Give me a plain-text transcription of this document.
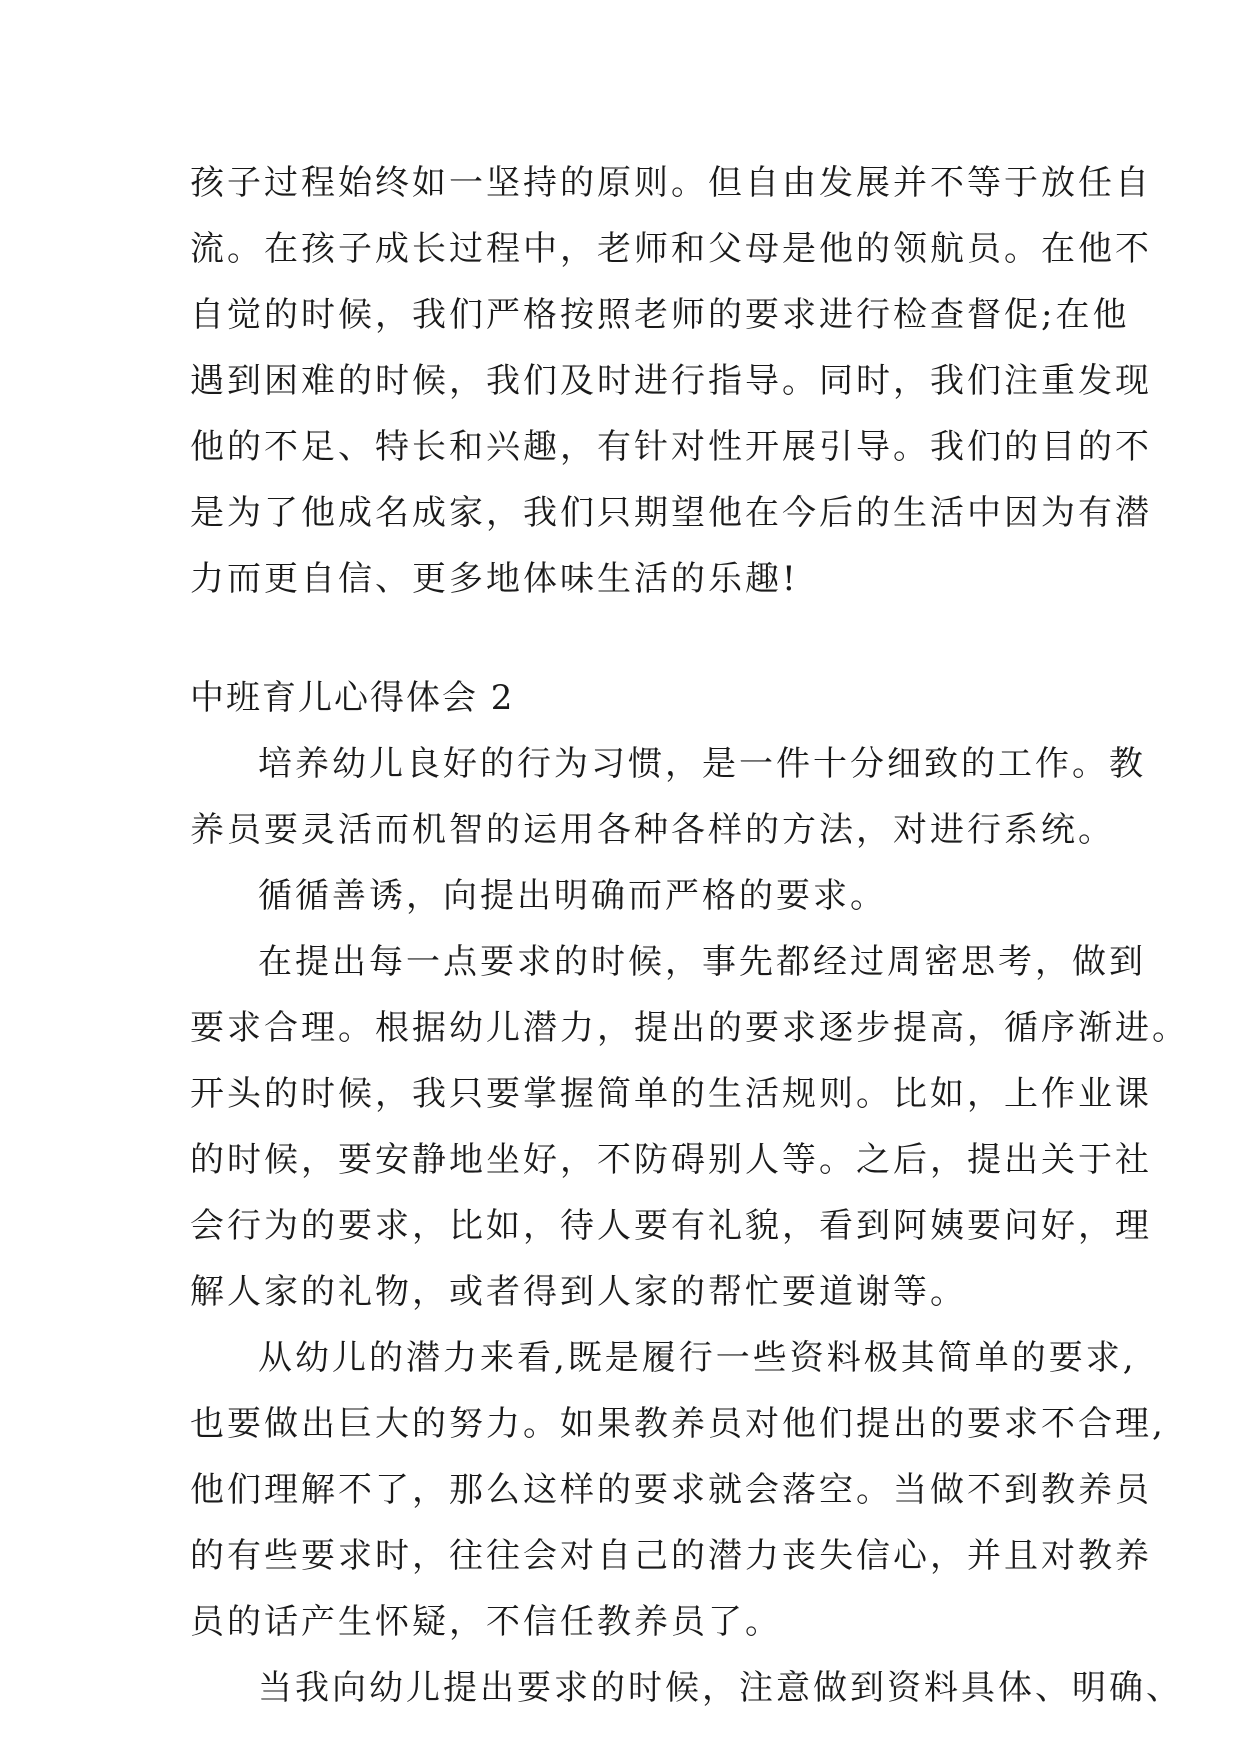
孩子过程始终如一坚持的原则。但自由发展并不等于放任自
流。在孩子成长过程中，老师和父母是他的领航员。在他不
自觉的时候，我们严格按照老师的要求进行检查督促;在他
遇到困难的时候，我们及时进行指导。同时，我们注重发现
他的不足、特长和兴趣，有针对性开展引导。我们的目的不
是为了他成名成家，我们只期望他在今后的生活中因为有潜
力而更自信、更多地体味生活的乐趣!
中班育儿心得体会 2
培养幼儿良好的行为习惯，是一件十分细致的工作。教
养员要灵活而机智的运用各种各样的方法，对进行系统。
循循善诱，向提出明确而严格的要求。
在提出每一点要求的时候，事先都经过周密思考，做到
要求合理。根据幼儿潜力，提出的要求逐步提高，循序渐进。
开头的时候，我只要掌握简单的生活规则。比如，上作业课
的时候，要安静地坐好，不防碍别人等。之后，提出关于社
会行为的要求，比如，待人要有礼貌，看到阿姨要问好，理
解人家的礼物，或者得到人家的帮忙要道谢等。
从幼儿的潜力来看,既是履行一些资料极其简单的要求,
也要做出巨大的努力。如果教养员对他们提出的要求不合理,
他们理解不了，那么这样的要求就会落空。当做不到教养员
的有些要求时，往往会对自己的潜力丧失信心，并且对教养
员的话产生怀疑，不信任教养员了。
当我向幼儿提出要求的时候，注意做到资料具体、明确、
